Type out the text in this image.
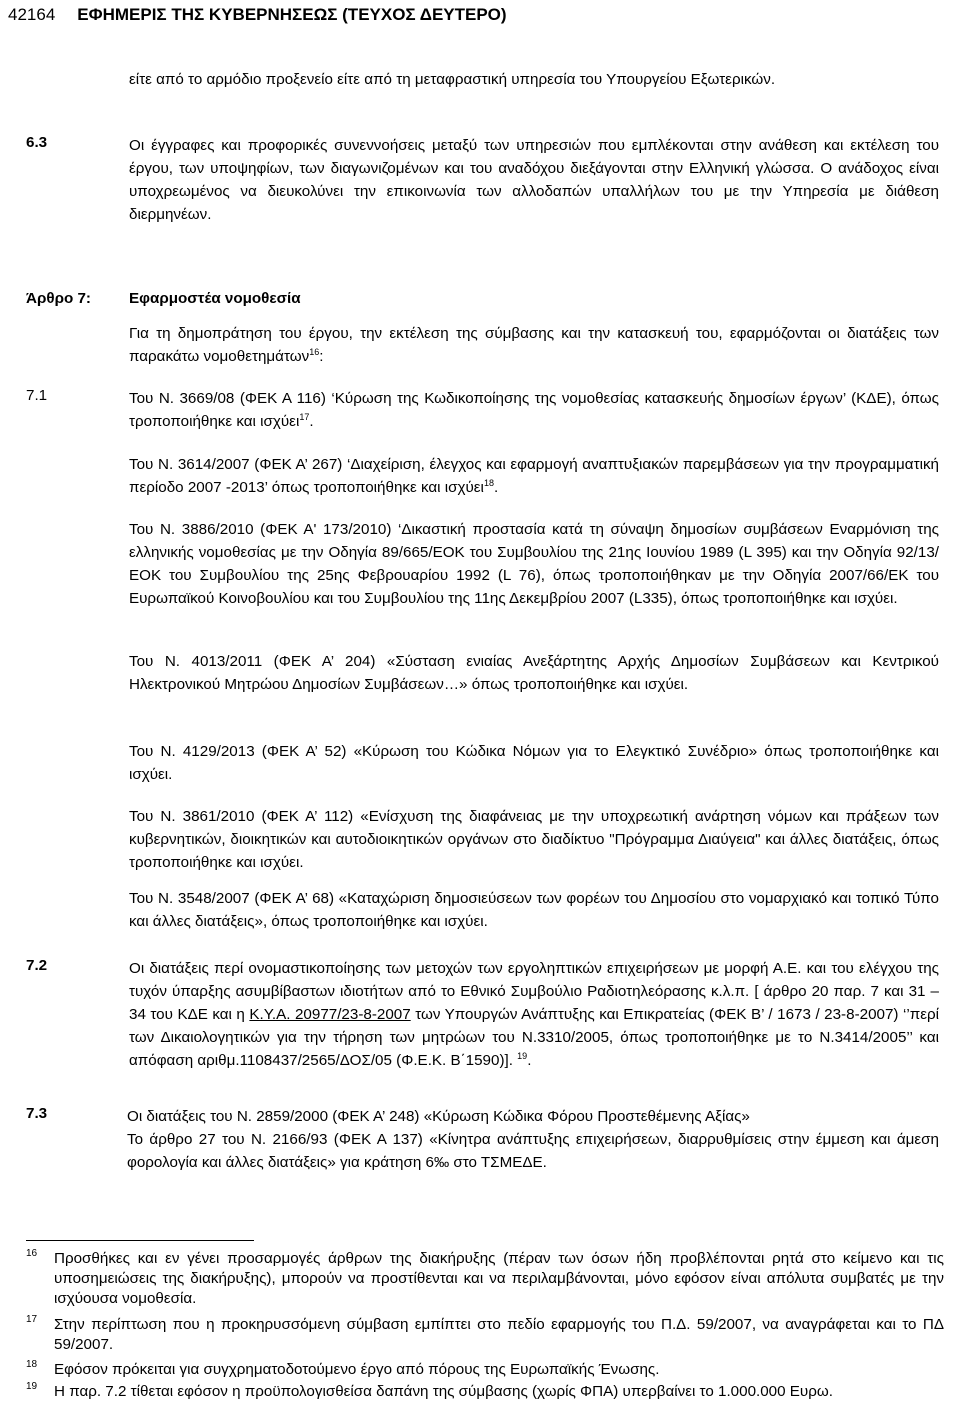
42164 ΕΦΗΜΕΡΙΣ ΤΗΣ ΚΥΒΕΡΝΗΣΕΩΣ (ΤΕΥΧΟΣ ΔΕΥΤΕΡΟ)
είτε από το αρμόδιο προξενείο είτε από τη μεταφραστική υπηρεσία του Υπουργείου Εξωτερικών.
6.3	Οι έγγραφες και προφορικές συνεννοήσεις μεταξύ των υπηρεσιών που εμπλέκονται στην ανάθεση και εκτέλεση του έργου, των υποψηφίων, των διαγωνιζομένων και του αναδόχου διεξάγονται στην Ελληνική γλώσσα. Ο ανάδοχος είναι υποχρεωμένος να διευκολύνει την επικοινωνία των αλλοδαπών υπαλλήλων του με την Υπηρεσία με διάθεση διερμηνέων.
Άρθρο 7:	Εφαρμοστέα νομοθεσία
Για τη δημοπράτηση του έργου, την εκτέλεση της σύμβασης και την κατασκευή του, εφαρμόζονται οι διατάξεις των παρακάτω νομοθετημάτων$^{16}$:
7.1	Του Ν. 3669/08 (ΦΕΚ Α 116) ‘Κύρωση της Κωδικοποίησης της νομοθεσίας κατασκευής δημοσίων έργων’ (ΚΔΕ), όπως τροποποιήθηκε και ισχύει$^{17}$.
Του Ν. 3614/2007 (ΦΕΚ Α’ 267) ‘Διαχείριση, έλεγχος και εφαρμογή αναπτυξιακών παρεμβάσεων για την προγραμματική περίοδο 2007 -2013’ όπως τροποποιήθηκε και ισχύει$^{18}$.
Του Ν. 3886/2010 (ΦΕΚ Α' 173/2010) ‘Δικαστική προστασία κατά τη σύναψη δημοσίων συμβάσεων Εναρμόνιση της ελληνικής νομοθεσίας με την Οδηγία 89/665/ΕΟΚ του Συμβουλίου της 21ης Ιουνίου 1989 (L 395) και την Οδηγία 92/13/ΕΟΚ του Συμβουλίου της 25ης Φεβρουαρίου 1992 (L 76), όπως τροποποιήθηκαν με την Οδηγία 2007/66/ΕΚ του Ευρωπαϊκού Κοινοβουλίου και του Συμβουλίου της 11ης Δεκεμβρίου 2007 (L335), όπως τροποποιήθηκε και ισχύει.
Του Ν. 4013/2011 (ΦΕΚ Α’ 204) «Σύσταση ενιαίας Ανεξάρτητης Αρχής Δημοσίων Συμβάσεων και Κεντρικού Ηλεκτρονικού Μητρώου Δημοσίων Συμβάσεων…» όπως τροποποιήθηκε και ισχύει.
Του Ν. 4129/2013 (ΦΕΚ Α’ 52) «Κύρωση του Κώδικα Νόμων για το Ελεγκτικό Συνέδριο» όπως τροποποιήθηκε και ισχύει.
Του Ν. 3861/2010 (ΦΕΚ Α’ 112) «Ενίσχυση της διαφάνειας με την υποχρεωτική ανάρτηση νόμων και πράξεων των κυβερνητικών, διοικητικών και αυτοδιοικητικών οργάνων στο διαδίκτυο "Πρόγραμμα Διαύγεια" και άλλες διατάξεις, όπως τροποποιήθηκε και ισχύει.
Του Ν. 3548/2007 (ΦΕΚ Α’ 68) «Καταχώριση δημοσιεύσεων των φορέων του Δημοσίου στο νομαρχιακό και τοπικό Τύπο και άλλες διατάξεις», όπως τροποποιήθηκε και ισχύει.
7.2	Οι διατάξεις περί ονομαστικοποίησης των μετοχών των εργοληπτικών επιχειρήσεων με μορφή Α.Ε. και του ελέγχου της τυχόν ύπαρξης ασυμβίβαστων ιδιοτήτων από το Εθνικό Συμβούλιο Ραδιοτηλεόρασης κ.λ.π. [ άρθρο 20 παρ. 7 και 31 – 34 του ΚΔΕ και η Κ.Υ.Α. 20977/23-8-2007 των Υπουργών Ανάπτυξης και Επικρατείας (ΦΕΚ Β’ / 1673 / 23-8-2007) ‘’περί των Δικαιολογητικών για την τήρηση των μητρώων του Ν.3310/2005, όπως τροποποιήθηκε με το Ν.3414/2005’’ και απόφαση αριθμ.1108437/2565/ΔΟΣ/05 (Φ.Ε.Κ. Β΄1590)]. $^{19}$.
7.3	Οι διατάξεις του Ν. 2859/2000 (ΦΕΚ Α’ 248) «Κύρωση Κώδικα Φόρου Προστεθέμενης Αξίας»
Το άρθρο 27 του Ν. 2166/93 (ΦΕΚ Α 137) «Κίνητρα ανάπτυξης επιχειρήσεων, διαρρυθμίσεις στην έμμεση και άμεση φορολογία και άλλες διατάξεις» για κράτηση 6‰ στο ΤΣΜΕΔΕ.
16 Προσθήκες και εν γένει προσαρμογές άρθρων της διακήρυξης (πέραν των όσων ήδη προβλέπονται ρητά στο κείμενο και τις υποσημειώσεις της διακήρυξης), μπορούν να προστίθενται και να περιλαμβάνονται, μόνο εφόσον είναι απόλυτα συμβατές με την ισχύουσα νομοθεσία.
17 Στην περίπτωση που η προκηρυσσόμενη σύμβαση εμπίπτει στο πεδίο εφαρμογής του Π.Δ. 59/2007, να αναγράφεται και το ΠΔ 59/2007.
18 Εφόσον πρόκειται για συγχρηματοδοτούμενο έργο από πόρους της Ευρωπαϊκής Ένωσης.
19 Η παρ. 7.2 τίθεται εφόσον η προϋπολογισθείσα δαπάνη της σύμβασης (χωρίς ΦΠΑ) υπερβαίνει το 1.000.000 Ευρω.
